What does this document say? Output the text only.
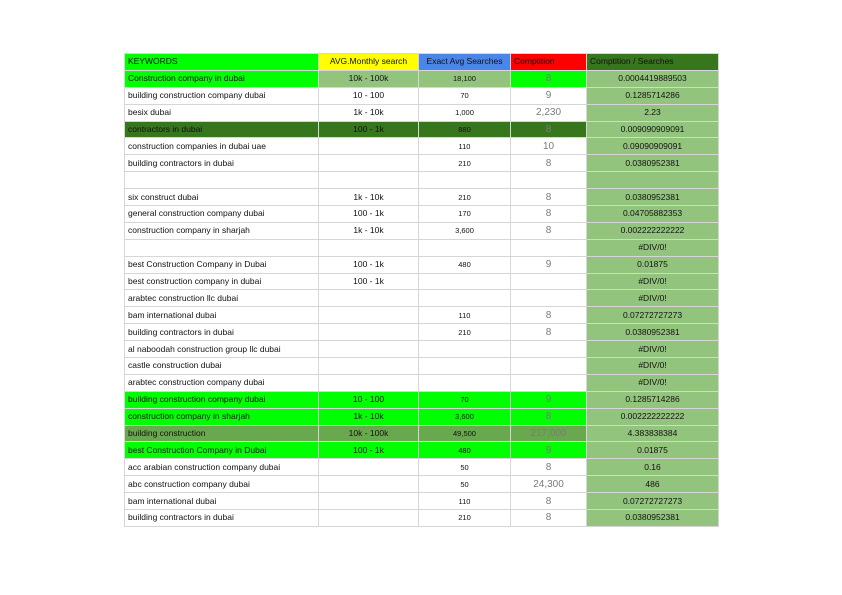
KEYWORDS	AVG.Monthly search	Exact Avg Searches	Comptition	Comptition / Searches
Construction company in dubai	10k - 100k	18,100	8	0.0004419889503
building construction company dubai	10 - 100	70	9	0.1285714286
besix dubai	1k - 10k	1,000	2,230	2.23
contractors in dubai	100 - 1k	880	8	0.009090909091
construction companies in dubai uae		110	10	0.09090909091
building contractors in dubai		210	8	0.0380952381

six construct dubai	1k - 10k	210	8	0.0380952381
general construction company dubai	100 - 1k	170	8	0.04705882353
construction company in sharjah	1k - 10k	3,600	8	0.002222222222
				#DIV/0!
best Construction Company in Dubai	100 - 1k	480	9	0.01875
best construction company in dubai	100 - 1k			#DIV/0!
arabtec construction llc dubai				#DIV/0!
bam international dubai		110	8	0.07272727273
building contractors in dubai		210	8	0.0380952381
al naboodah construction group llc dubai				#DIV/0!
castle construction dubai				#DIV/0!
arabtec construction company dubai				#DIV/0!
building construction company dubai	10 - 100	70	9	0.1285714286
construction company in sharjah	1k - 10k	3,600	8	0.002222222222
building construction	10k - 100k	49,500	217,000	4.383838384
best Construction Company in Dubai	100 - 1k	480	9	0.01875
acc arabian construction company dubai		50	8	0.16
abc construction company dubai		50	24,300	486
bam international dubai		110	8	0.07272727273
building contractors in dubai		210	8	0.0380952381
